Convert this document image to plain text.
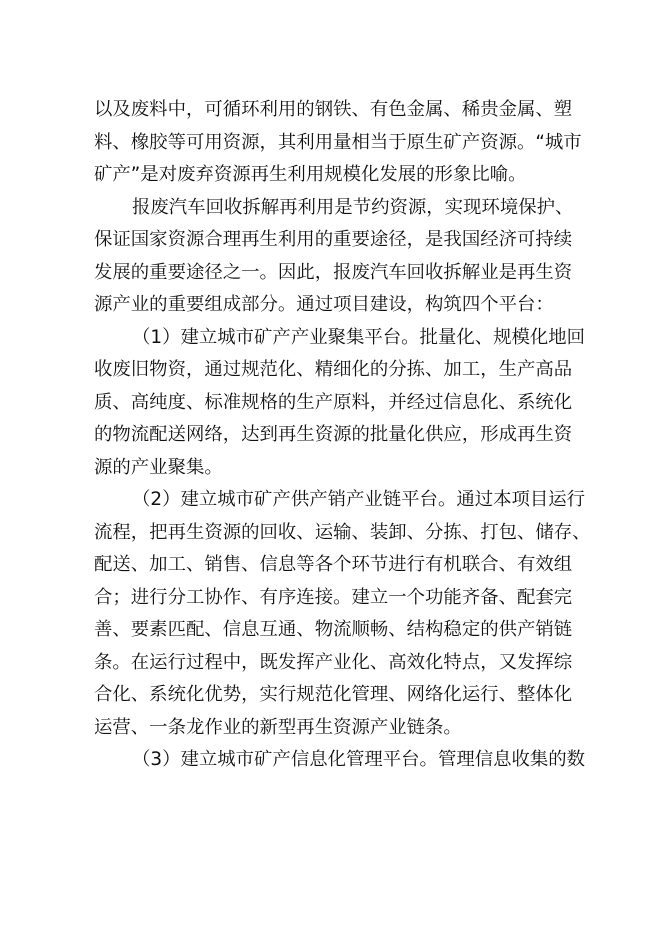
以及废料中，可循环利用的钢铁、有色金属、稀贵金属、塑
料、橡胶等可用资源，其利用量相当于原生矿产资源。“城市
矿产”是对废弃资源再生利用规模化发展的形象比喻。
报废汽车回收拆解再利用是节约资源，实现环境保护、
保证国家资源合理再生利用的重要途径，是我国经济可持续
发展的重要途径之一。因此，报废汽车回收拆解业是再生资
源产业的重要组成部分。通过项目建设，构筑四个平台：
（1）建立城市矿产产业聚集平台。批量化、规模化地回
收废旧物资，通过规范化、精细化的分拣、加工，生产高品
质、高纯度、标准规格的生产原料，并经过信息化、系统化
的物流配送网络，达到再生资源的批量化供应，形成再生资
源的产业聚集。
（2）建立城市矿产供产销产业链平台。通过本项目运行
流程，把再生资源的回收、运输、装卸、分拣、打包、储存、
配送、加工、销售、信息等各个环节进行有机联合、有效组
合；进行分工协作、有序连接。建立一个功能齐备、配套完
善、要素匹配、信息互通、物流顺畅、结构稳定的供产销链
条。在运行过程中，既发挥产业化、高效化特点，又发挥综
合化、系统化优势，实行规范化管理、网络化运行、整体化
运营、一条龙作业的新型再生资源产业链条。
（3）建立城市矿产信息化管理平台。管理信息收集的数
